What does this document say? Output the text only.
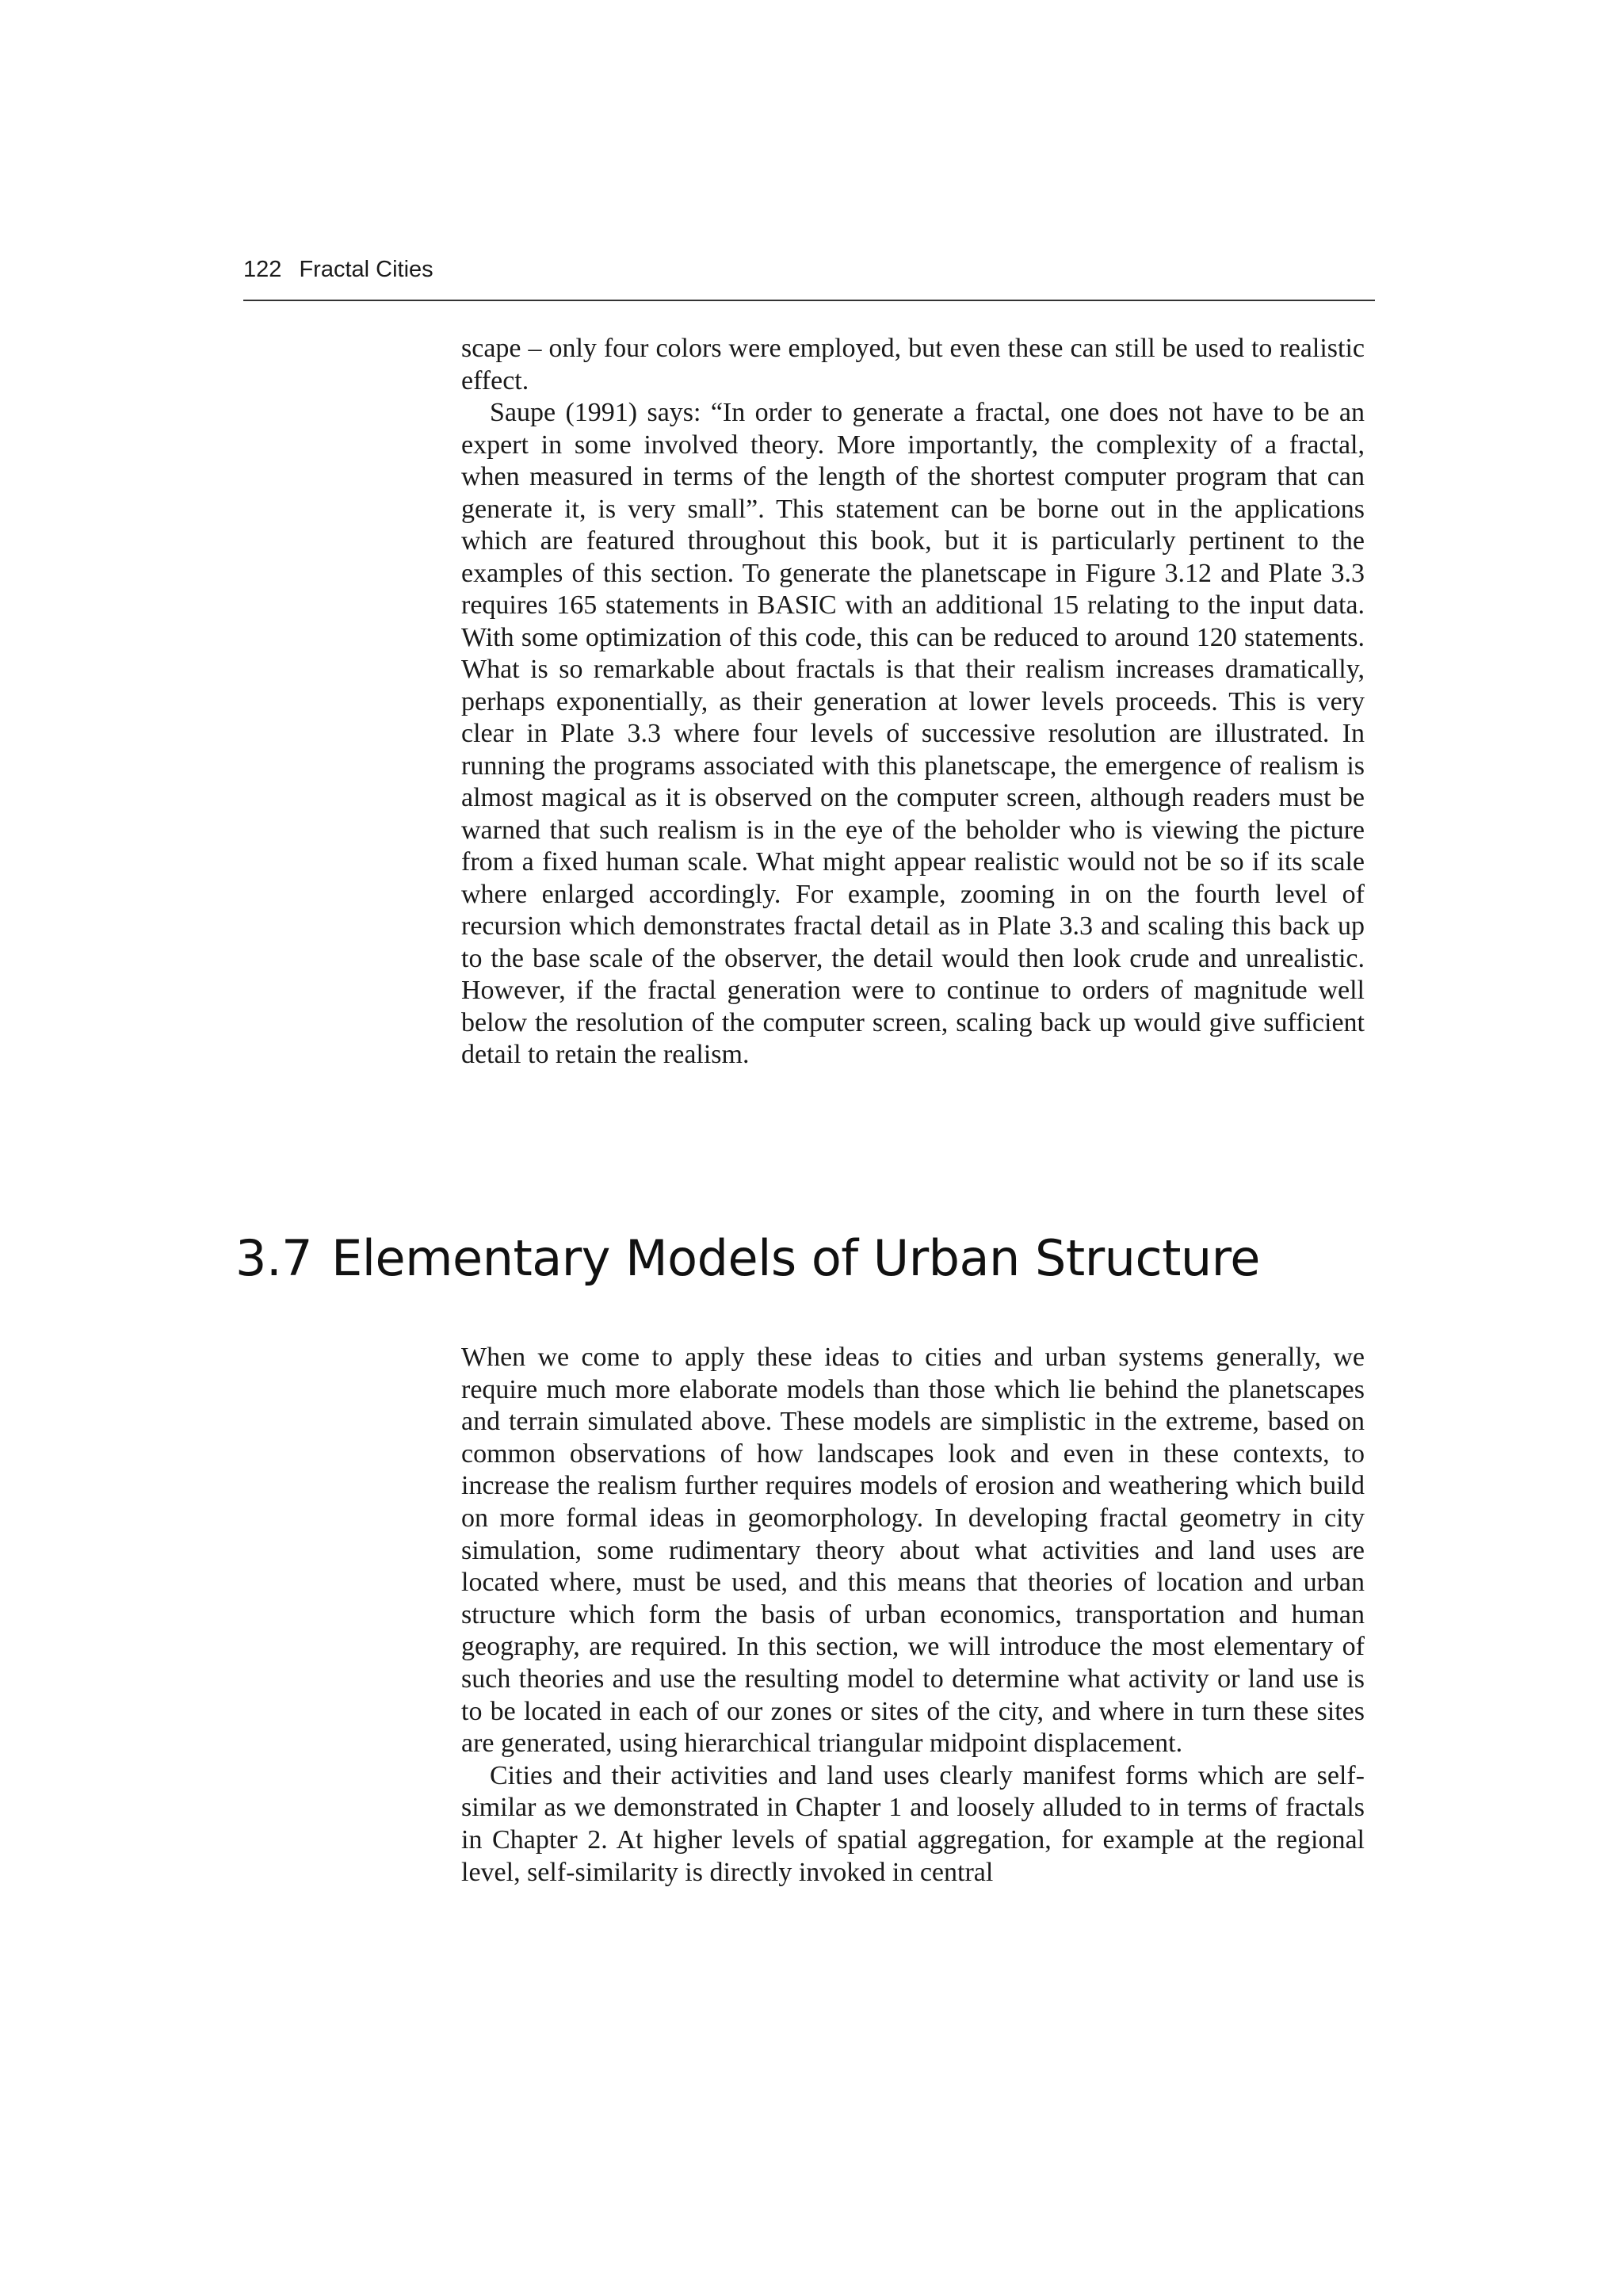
122 Fractal Cities

scape – only four colors were employed, but even these can still be used to realistic effect.

Saupe (1991) says: “In order to generate a fractal, one does not have to be an expert in some involved theory. More importantly, the complexity of a fractal, when measured in terms of the length of the shortest computer program that can generate it, is very small”. This statement can be borne out in the applications which are featured throughout this book, but it is particularly pertinent to the examples of this section. To generate the planetscape in Figure 3.12 and Plate 3.3 requires 165 statements in BASIC with an additional 15 relating to the input data. With some optimization of this code, this can be reduced to around 120 statements. What is so remarkable about fractals is that their realism increases dramatically, perhaps exponentially, as their generation at lower levels proceeds. This is very clear in Plate 3.3 where four levels of successive resolution are illustrated. In running the programs associated with this planetscape, the emergence of realism is almost magical as it is observed on the computer screen, although readers must be warned that such realism is in the eye of the beholder who is viewing the picture from a fixed human scale. What might appear realistic would not be so if its scale where enlarged accordingly. For example, zooming in on the fourth level of recursion which demonstrates fractal detail as in Plate 3.3 and scaling this back up to the base scale of the observer, the detail would then look crude and unrealistic. However, if the fractal generation were to continue to orders of magnitude well below the resolution of the computer screen, scaling back up would give sufficient detail to retain the realism.

3.7 Elementary Models of Urban Structure

When we come to apply these ideas to cities and urban systems generally, we require much more elaborate models than those which lie behind the planetscapes and terrain simulated above. These models are simplistic in the extreme, based on common observations of how landscapes look and even in these contexts, to increase the realism further requires models of erosion and weathering which build on more formal ideas in geomorphology. In developing fractal geometry in city simulation, some rudimentary theory about what activities and land uses are located where, must be used, and this means that theories of location and urban structure which form the basis of urban economics, transportation and human geography, are required. In this section, we will introduce the most elementary of such theories and use the resulting model to determine what activity or land use is to be located in each of our zones or sites of the city, and where in turn these sites are generated, using hierarchical triangular midpoint displacement.

Cities and their activities and land uses clearly manifest forms which are self-similar as we demonstrated in Chapter 1 and loosely alluded to in terms of fractals in Chapter 2. At higher levels of spatial aggregation, for example at the regional level, self-similarity is directly invoked in central
